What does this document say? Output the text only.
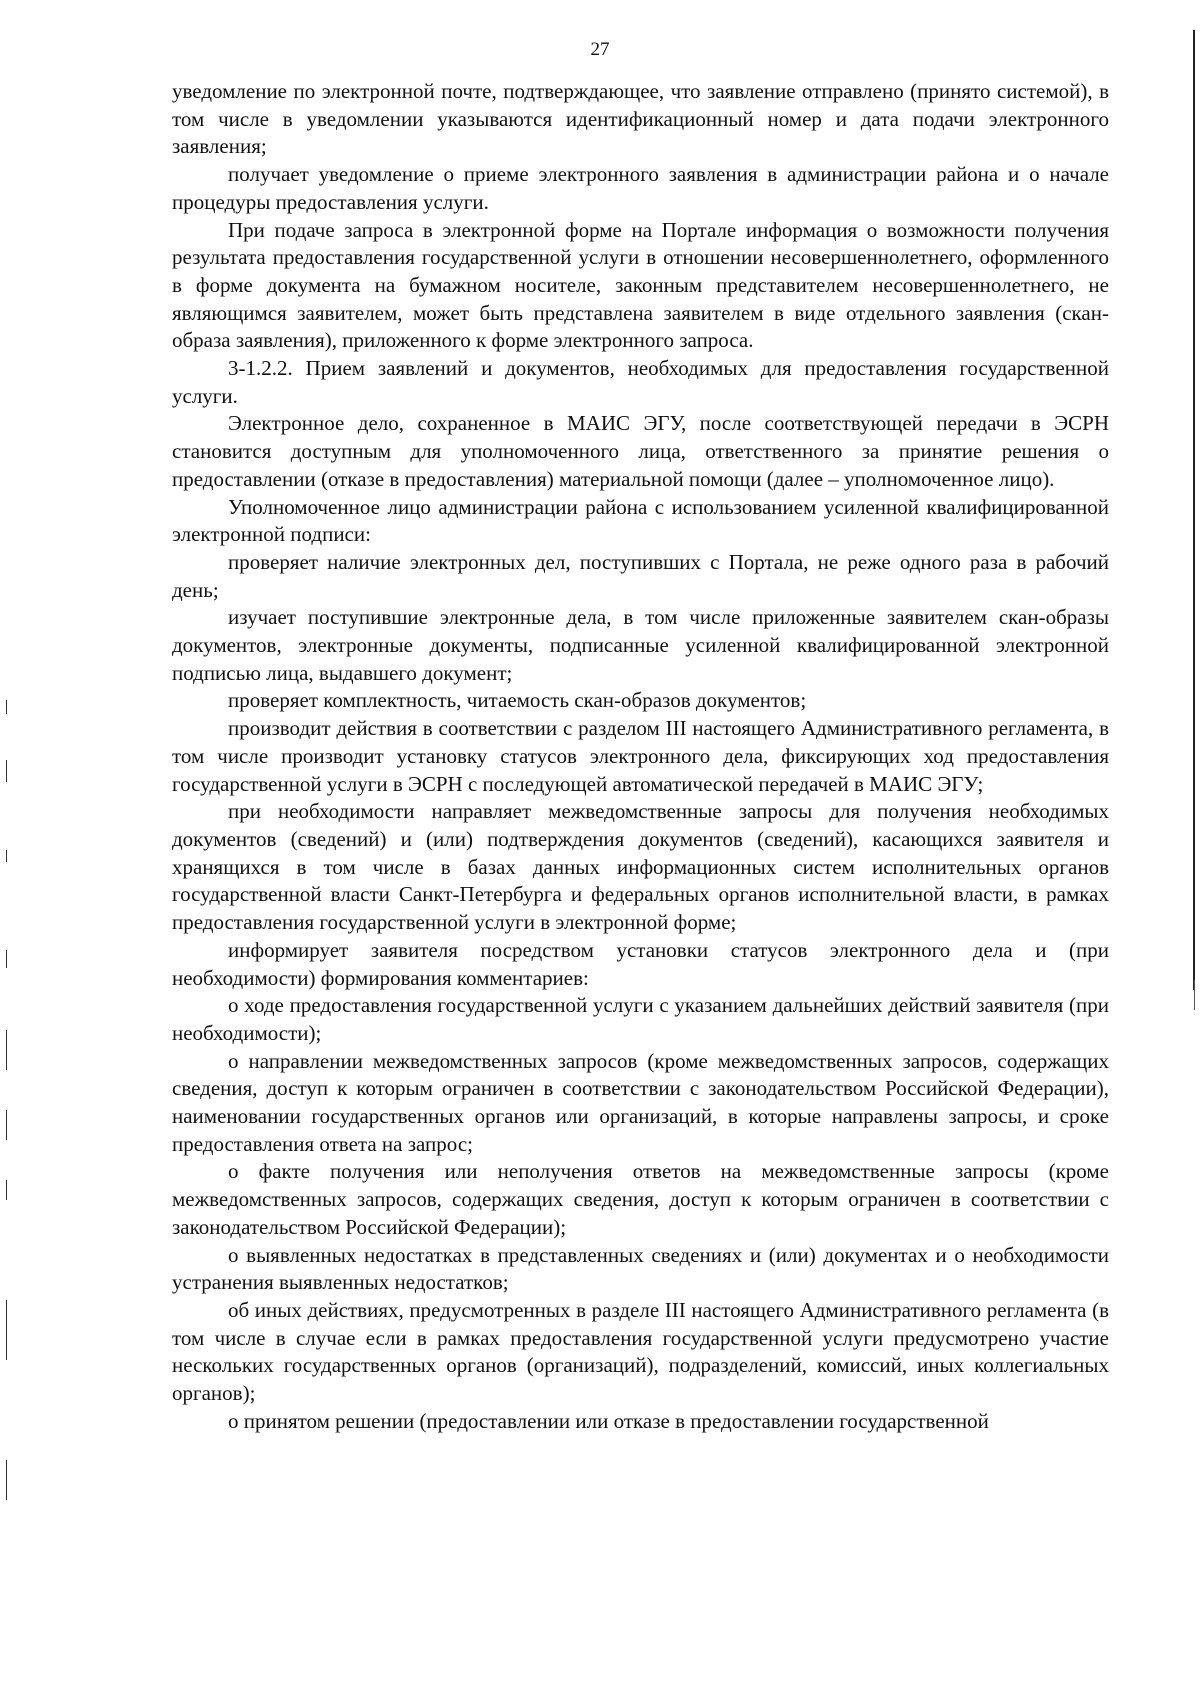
27

уведомление по электронной почте, подтверждающее, что заявление отправлено (принято системой), в том числе в уведомлении указываются идентификационный номер и дата подачи электронного заявления;

получает уведомление о приеме электронного заявления в администрации района и о начале процедуры предоставления услуги.

При подаче запроса в электронной форме на Портале информация о возможности получения результата предоставления государственной услуги в отношении несовершеннолетнего, оформленного в форме документа на бумажном носителе, законным представителем несовершеннолетнего, не являющимся заявителем, может быть представлена заявителем в виде отдельного заявления (скан-образа заявления), приложенного к форме электронного запроса.

3-1.2.2. Прием заявлений и документов, необходимых для предоставления государственной услуги.

Электронное дело, сохраненное в МАИС ЭГУ, после соответствующей передачи в ЭСРН становится доступным для уполномоченного лица, ответственного за принятие решения о предоставлении (отказе в предоставления) материальной помощи (далее – уполномоченное лицо).

Уполномоченное лицо администрации района с использованием усиленной квалифицированной электронной подписи:

проверяет наличие электронных дел, поступивших с Портала, не реже одного раза в рабочий день;

изучает поступившие электронные дела, в том числе приложенные заявителем скан-образы документов, электронные документы, подписанные усиленной квалифицированной электронной подписью лица, выдавшего документ;

проверяет комплектность, читаемость скан-образов документов;

производит действия в соответствии с разделом III настоящего Административного регламента, в том числе производит установку статусов электронного дела, фиксирующих ход предоставления государственной услуги в ЭСРН с последующей автоматической передачей в МАИС ЭГУ;

при необходимости направляет межведомственные запросы для получения необходимых документов (сведений) и (или) подтверждения документов (сведений), касающихся заявителя и хранящихся в том числе в базах данных информационных систем исполнительных органов государственной власти Санкт-Петербурга и федеральных органов исполнительной власти, в рамках предоставления государственной услуги в электронной форме;

информирует заявителя посредством установки статусов электронного дела и (при необходимости) формирования комментариев:

о ходе предоставления государственной услуги с указанием дальнейших действий заявителя (при необходимости);

о направлении межведомственных запросов (кроме межведомственных запросов, содержащих сведения, доступ к которым ограничен в соответствии с законодательством Российской Федерации), наименовании государственных органов или организаций, в которые направлены запросы, и сроке предоставления ответа на запрос;

о факте получения или неполучения ответов на межведомственные запросы (кроме межведомственных запросов, содержащих сведения, доступ к которым ограничен в соответствии с законодательством Российской Федерации);

о выявленных недостатках в представленных сведениях и (или) документах и о необходимости устранения выявленных недостатков;

об иных действиях, предусмотренных в разделе III настоящего Административного регламента (в том числе в случае если в рамках предоставления государственной услуги предусмотрено участие нескольких государственных органов (организаций), подразделений, комиссий, иных коллегиальных органов);

о принятом решении (предоставлении или отказе в предоставлении государственной
